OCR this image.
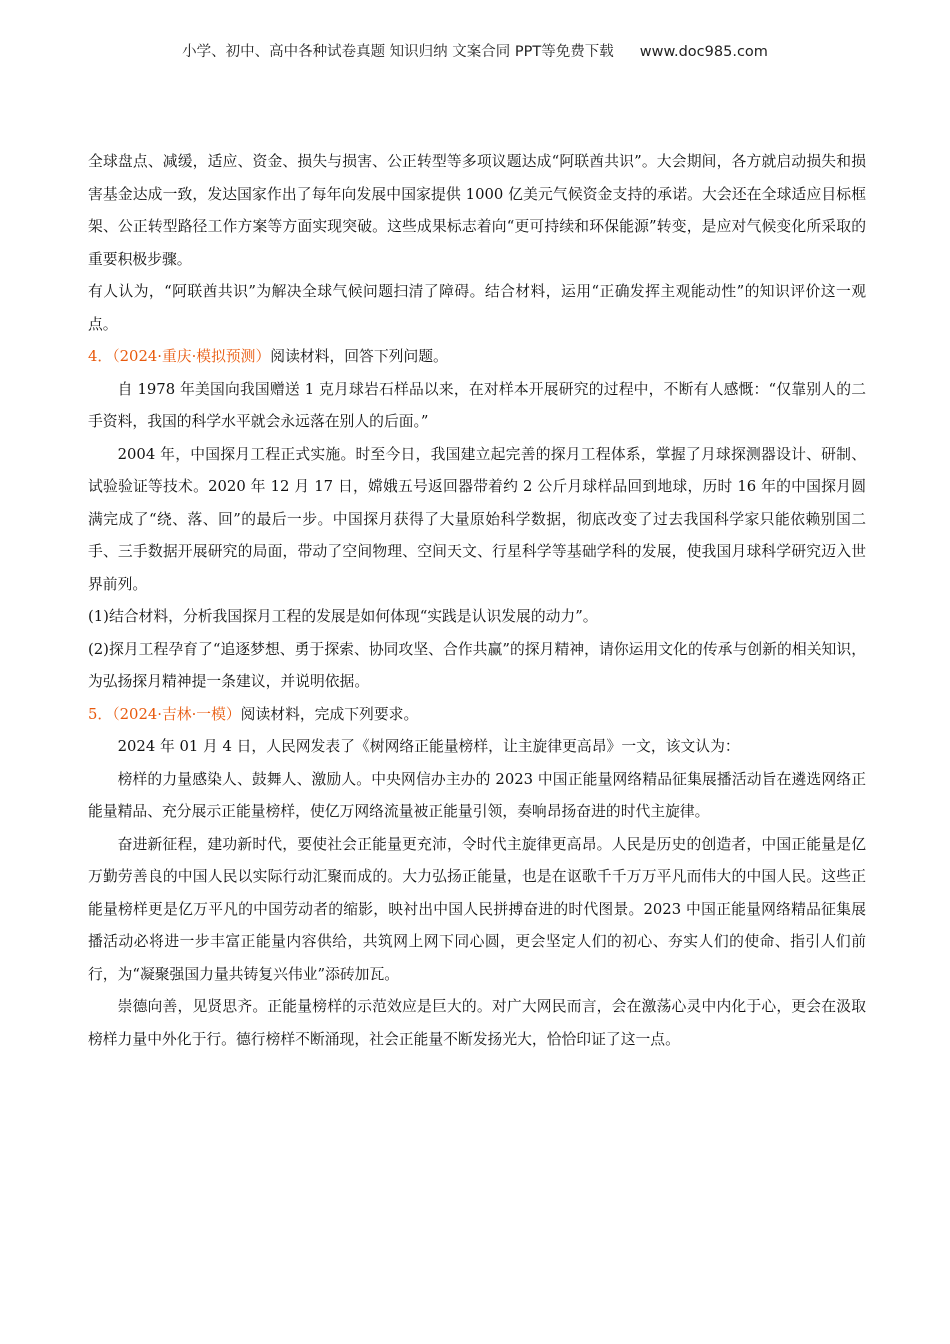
小学、初中、高中各种试卷真题 知识归纳 文案合同 PPT等免费下载 www.doc985.com

全球盘点、减缓，适应、资金、损失与损害、公正转型等多项议题达成“阿联酋共识”。大会期间，各方就启动损失和损害基金达成一致，发达国家作出了每年向发展中国家提供 1000 亿美元气候资金支持的承诺。大会还在全球适应目标框架、公正转型路径工作方案等方面实现突破。这些成果标志着向“更可持续和环保能源”转变，是应对气候变化所采取的重要积极步骤。

有人认为，“阿联酋共识”为解决全球气候问题扫清了障碍。结合材料，运用“正确发挥主观能动性”的知识评价这一观点。

4．（2024·重庆·模拟预测）阅读材料，回答下列问题。

自 1978 年美国向我国赠送 1 克月球岩石样品以来，在对样本开展研究的过程中，不断有人感慨：“仅靠别人的二手资料，我国的科学水平就会永远落在别人的后面。”

2004 年，中国探月工程正式实施。时至今日，我国建立起完善的探月工程体系，掌握了月球探测器设计、研制、试验验证等技术。2020 年 12 月 17 日，嫦娥五号返回器带着约 2 公斤月球样品回到地球，历时 16 年的中国探月圆满完成了“绕、落、回”的最后一步。中国探月获得了大量原始科学数据，彻底改变了过去我国科学家只能依赖别国二手、三手数据开展研究的局面，带动了空间物理、空间天文、行星科学等基础学科的发展，使我国月球科学研究迈入世界前列。

(1)结合材料，分析我国探月工程的发展是如何体现“实践是认识发展的动力”。

(2)探月工程孕育了“追逐梦想、勇于探索、协同攻坚、合作共赢”的探月精神，请你运用文化的传承与创新的相关知识，为弘扬探月精神提一条建议，并说明依据。

5．（2024·吉林·一模）阅读材料，完成下列要求。

2024 年 01 月 4 日，人民网发表了《树网络正能量榜样，让主旋律更高昂》一文，该文认为：

榜样的力量感染人、鼓舞人、激励人。中央网信办主办的 2023 中国正能量网络精品征集展播活动旨在遴选网络正能量精品、充分展示正能量榜样，使亿万网络流量被正能量引领，奏响昂扬奋进的时代主旋律。

奋进新征程，建功新时代，要使社会正能量更充沛，令时代主旋律更高昂。人民是历史的创造者，中国正能量是亿万勤劳善良的中国人民以实际行动汇聚而成的。大力弘扬正能量，也是在讴歌千千万万平凡而伟大的中国人民。这些正能量榜样更是亿万平凡的中国劳动者的缩影，映衬出中国人民拼搏奋进的时代图景。2023 中国正能量网络精品征集展播活动必将进一步丰富正能量内容供给，共筑网上网下同心圆，更会坚定人们的初心、夯实人们的使命、指引人们前行，为“凝聚强国力量共铸复兴伟业”添砖加瓦。

崇德向善，见贤思齐。正能量榜样的示范效应是巨大的。对广大网民而言，会在激荡心灵中内化于心，更会在汲取榜样力量中外化于行。德行榜样不断涌现，社会正能量不断发扬光大，恰恰印证了这一点。
